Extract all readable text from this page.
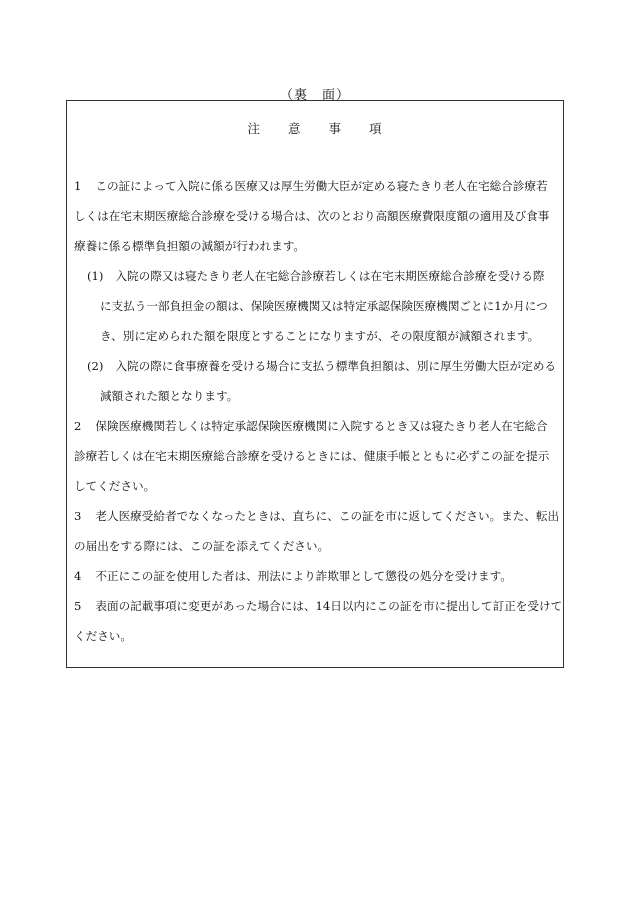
（裏　面）
注　　意　　事　　項
1 この証によって入院に係る医療又は厚生労働大臣が定める寝たきり老人在宅総合診療若
しくは在宅末期医療総合診療を受ける場合は、次のとおり高額医療費限度額の適用及び食事
療養に係る標準負担額の減額が行われます。
(1) 入院の際又は寝たきり老人在宅総合診療若しくは在宅末期医療総合診療を受ける際
に支払う一部負担金の額は、保険医療機関又は特定承認保険医療機関ごとに1か月につ
き、別に定められた額を限度とすることになりますが、その限度額が減額されます。
(2) 入院の際に食事療養を受ける場合に支払う標準負担額は、別に厚生労働大臣が定める
減額された額となります。
2 保険医療機関若しくは特定承認保険医療機関に入院するとき又は寝たきり老人在宅総合
診療若しくは在宅末期医療総合診療を受けるときには、健康手帳とともに必ずこの証を提示
してください。
3 老人医療受給者でなくなったときは、直ちに、この証を市に返してください。また、転出
の届出をする際には、この証を添えてください。
4 不正にこの証を使用した者は、刑法により詐欺罪として懲役の処分を受けます。
5 表面の記載事項に変更があった場合には、14日以内にこの証を市に提出して訂正を受けて
ください。
